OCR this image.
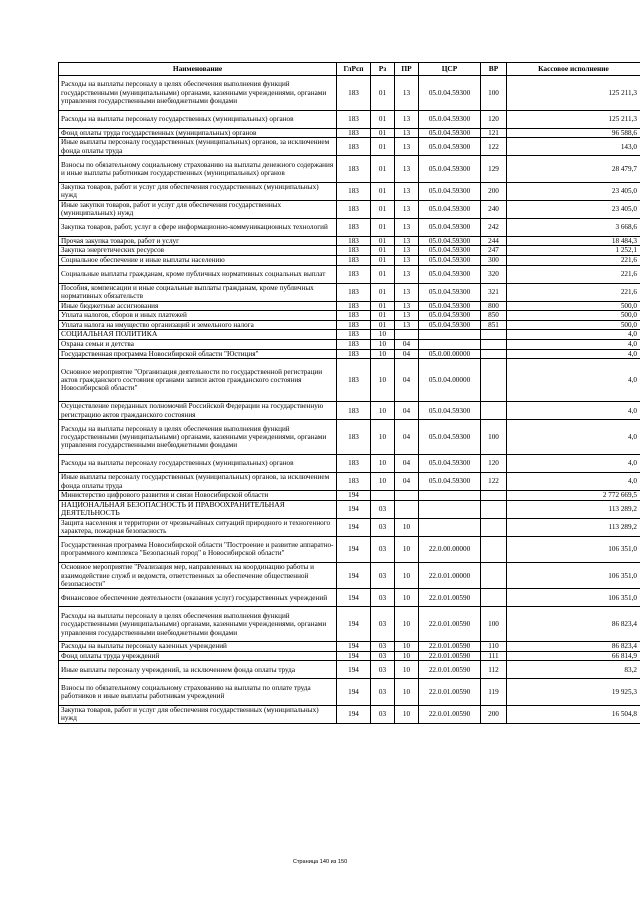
Наименование	ГлРсп	Рз	ПР	ЦСР	ВР	Кассовое исполнение
Расходы на выплаты персоналу в целях обеспечения выполнения функций государственными (муниципальными) органами, казенными учреждениями, органами управления государственными внебюджетными фондами	183	01	13	05.0.04.59300	100	125 211,3
Расходы на выплаты персоналу государственных (муниципальных) органов	183	01	13	05.0.04.59300	120	125 211,3
Фонд оплаты труда государственных (муниципальных) органов	183	01	13	05.0.04.59300	121	96 588,6
Иные выплаты персоналу государственных (муниципальных) органов, за исключением фонда оплаты труда	183	01	13	05.0.04.59300	122	143,0
Взносы по обязательному социальному страхованию на выплаты денежного содержания и иные выплаты работникам государственных (муниципальных) органов	183	01	13	05.0.04.59300	129	28 479,7
Закупка товаров, работ и услуг для обеспечения государственных (муниципальных) нужд	183	01	13	05.0.04.59300	200	23 405,0
Иные закупки товаров, работ и услуг для обеспечения государственных (муниципальных) нужд	183	01	13	05.0.04.59300	240	23 405,0
Закупка товаров, работ, услуг в сфере информационно-коммуникационных технологий	183	01	13	05.0.04.59300	242	3 668,6
Прочая закупка товаров, работ и услуг	183	01	13	05.0.04.59300	244	18 484,3
Закупка энергетических ресурсов	183	01	13	05.0.04.59300	247	1 252,1
Социальное обеспечение и иные выплаты населению	183	01	13	05.0.04.59300	300	221,6
Социальные выплаты гражданам, кроме публичных нормативных социальных выплат	183	01	13	05.0.04.59300	320	221,6
Пособия, компенсации и иные социальные выплаты гражданам, кроме публичных нормативных обязательств	183	01	13	05.0.04.59300	321	221,6
Иные бюджетные ассигнования	183	01	13	05.0.04.59300	800	500,0
Уплата налогов, сборов и иных платежей	183	01	13	05.0.04.59300	850	500,0
Уплата налога на имущество организаций и земельного налога	183	01	13	05.0.04.59300	851	500,0
СОЦИАЛЬНАЯ ПОЛИТИКА	183	10				4,0
Охрана семьи и детства	183	10	04			4,0
Государственная программа Новосибирской области "Юстиция"	183	10	04	05.0.00.00000		4,0
Основное мероприятие "Организация деятельности по государственной регистрации актов гражданского состояния органами записи актов гражданского состояния Новосибирской области"	183	10	04	05.0.04.00000		4,0
Осуществление переданных полномочий Российской Федерации на государственную регистрацию актов гражданского состояния	183	10	04	05.0.04.59300		4,0
Расходы на выплаты персоналу в целях обеспечения выполнения функций государственными (муниципальными) органами, казенными учреждениями, органами управления государственными внебюджетными фондами	183	10	04	05.0.04.59300	100	4,0
Расходы на выплаты персоналу государственных (муниципальных) органов	183	10	04	05.0.04.59300	120	4,0
Иные выплаты персоналу государственных (муниципальных) органов, за исключением фонда оплаты труда	183	10	04	05.0.04.59300	122	4,0
Министерство цифрового развития и связи Новосибирской области	194					2 772 669,5
НАЦИОНАЛЬНАЯ БЕЗОПАСНОСТЬ И ПРАВООХРАНИТЕЛЬНАЯ ДЕЯТЕЛЬНОСТЬ	194	03				113 289,2
Защита населения и территории от чрезвычайных ситуаций природного и техногенного характера, пожарная безопасность	194	03	10			113 289,2
Государственная программа Новосибирской области "Построение и развитие аппаратно-программного комплекса "Безопасный город" в Новосибирской области"	194	03	10	22.0.00.00000		106 351,0
Основное мероприятие "Реализация мер, направленных на координацию работы и взаимодействие служб и ведомств, ответственных за обеспечение общественной безопасности"	194	03	10	22.0.01.00000		106 351,0
Финансовое обеспечение деятельности (оказания услуг) государственных учреждений	194	03	10	22.0.01.00590		106 351,0
Расходы на выплаты персоналу в целях обеспечения выполнения функций государственными (муниципальными) органами, казенными учреждениями, органами управления государственными внебюджетными фондами	194	03	10	22.0.01.00590	100	86 823,4
Расходы на выплаты персоналу казенных учреждений	194	03	10	22.0.01.00590	110	86 823,4
Фонд оплаты труда учреждений	194	03	10	22.0.01.00590	111	66 814,9
Иные выплаты персоналу учреждений, за исключением фонда оплаты труда	194	03	10	22.0.01.00590	112	83,2
Взносы по обязательному социальному страхованию на выплаты по оплате труда работников и иные выплаты работникам учреждений	194	03	10	22.0.01.00590	119	19 925,3
Закупка товаров, работ и услуг для обеспечения государственных (муниципальных) нужд	194	03	10	22.0.01.00590	200	16 504,8
Страница 140 из 150
